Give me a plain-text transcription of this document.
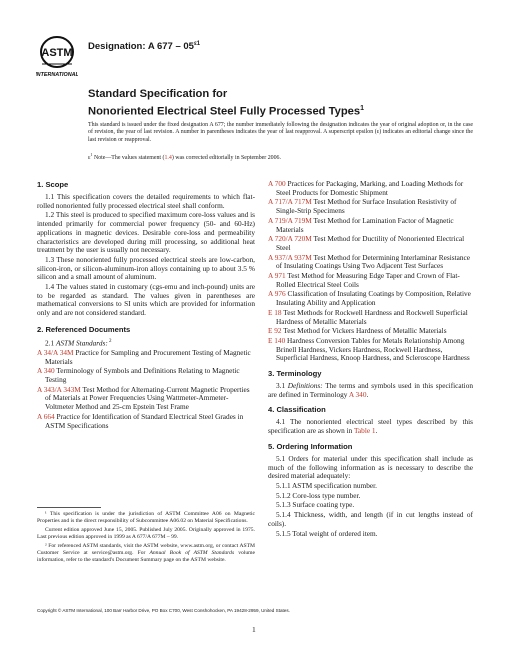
ASTM
INTERNATIONAL
Designation: A $677 - 05^{\varepsilon 1}$
Standard Specification for
Nonoriented Electrical Steel Fully Processed Types$^1$
This standard is issued under the fixed designation A 677; the number immediately following the designation indicates the year of original adoption or, in the case of revision, the year of last revision. A number in parentheses indicates the year of last reapproval. A superscript epsilon (ε) indicates an editorial change since the last revision or reapproval.
$\varepsilon^1$ Note—The values statement (1.4) was corrected editorially in September 2006.
1. Scope

1.1 This specification covers the detailed requirements to which flat-rolled nonoriented fully processed electrical steel shall conform.

1.2 This steel is produced to specified maximum core-loss values and is intended primarily for commercial power frequency (50- and 60-Hz) applications in magnetic devices. Desirable core-loss and permeability characteristics are developed during mill processing, so additional heat treatment by the user is usually not necessary.

1.3 These nonoriented fully processed electrical steels are low-carbon, silicon-iron, or silicon-aluminum-iron alloys containing up to about 3.5 % silicon and a small amount of aluminum.

1.4 The values stated in customary (cgs-emu and inch-pound) units are to be regarded as standard. The values given in parentheses are mathematical conversions to SI units which are provided for information only and are not considered standard.

2. Referenced Documents

2.1 ASTM Standards: $^2$

A 34/A 34M Practice for Sampling and Procurement Testing of Magnetic Materials
A 340 Terminology of Symbols and Definitions Relating to Magnetic Testing
A 343/A 343M Test Method for Alternating-Current Magnetic Properties of Materials at Power Frequencies Using Wattmeter-Ammeter-Voltmeter Method and 25-cm Epstein Test Frame
A 664 Practice for Identification of Standard Electrical Steel Grades in ASTM Specifications
A 700 Practices for Packaging, Marking, and Loading Methods for Steel Products for Domestic Shipment
A 717/A 717M Test Method for Surface Insulation Resistivity of Single-Strip Specimens
A 719/A 719M Test Method for Lamination Factor of Magnetic Materials
A 720/A 720M Test Method for Ductility of Nonoriented Electrical Steel
A 937/A 937M Test Method for Determining Interlaminar Resistance of Insulating Coatings Using Two Adjacent Test Surfaces
A 971 Test Method for Measuring Edge Taper and Crown of Flat-Rolled Electrical Steel Coils
A 976 Classification of Insulating Coatings by Composition, Relative Insulating Ability and Application
E 18 Test Methods for Rockwell Hardness and Rockwell Superficial Hardness of Metallic Materials
E 92 Test Method for Vickers Hardness of Metallic Materials
E 140 Hardness Conversion Tables for Metals Relationship Among Brinell Hardness, Vickers Hardness, Rockwell Hardness, Superficial Hardness, Knoop Hardness, and Scleroscope Hardness
3. Terminology

3.1 Definitions: The terms and symbols used in this specification are defined in Terminology A 340.

4. Classification

4.1 The nonoriented electrical steel types described by this specification are as shown in Table 1.

5. Ordering Information

5.1 Orders for material under this specification shall include as much of the following information as is necessary to describe the desired material adequately:

5.1.1 ASTM specification number.

5.1.2 Core-loss type number.

5.1.3 Surface coating type.

5.1.4 Thickness, width, and length (if in cut lengths instead of coils).

5.1.5 Total weight of ordered item.

¹ This specification is under the jurisdiction of ASTM Committee A06 on Magnetic Properties and is the direct responsibility of Subcommittee A06.02 on Material Specifications.

Current edition approved June 15, 2005. Published July 2005. Originally approved in 1975. Last previous edition approved in 1999 as A 677/A 677M – 99.

² For referenced ASTM standards, visit the ASTM website, www.astm.org, or contact ASTM Customer Service at service@astm.org. For Annual Book of ASTM Standards volume information, refer to the standard's Document Summary page on the ASTM website.

Copyright © ASTM International, 100 Barr Harbor Drive, PO Box C700, West Conshohocken, PA 19428-2959, United States.
1
